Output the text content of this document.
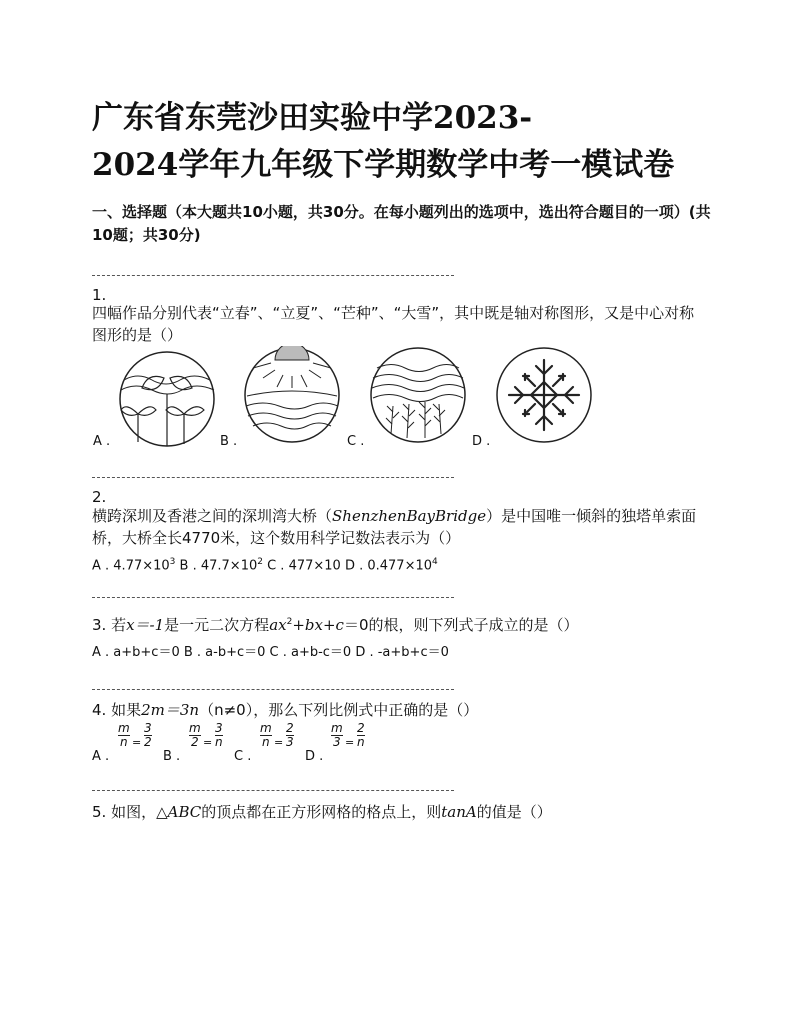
广东省东莞沙田实验中学2023-
2024学年九年级下学期数学中考一模试卷
一、选择题（本大题共10小题，共30分。在每小题列出的选项中，选出符合题目的一项）(共10题；共30分)
1.
四幅作品分别代表“立春”、“立夏”、“芒种”、“大雪”，其中既是轴对称图形，又是中心对称图形的是（）
A .	B .	C .	D .
2.
横跨深圳及香港之间的深圳湾大桥（ShenzhenBayBridge）是中国唯一倾斜的独塔单索面桥，大桥全长4770米，这个数用科学记数法表示为（）
A . $4.77\times 10^3$ B . $47.7\times 10^2$ C . 477×10 D . $0.477\times 10^4$
3. 若x＝-1是一元二次方程$ax^2+bx+c=0$的根，则下列式子成立的是（）
A . a+b+c＝0 B . a-b+c＝0 C . a+b-c＝0 D . -a+b+c＝0
4. 如果2m＝3n（n≠0），那么下列比例式中正确的是（）
A .
$\frac{m}{n} = \frac{3}{2}$
B .
$\frac{m}{2} = \frac{3}{n}$
C .
$\frac{m}{n} = \frac{2}{3}$
D .
$\frac{m}{3} = \frac{2}{n}$
5. 如图，△ABC的顶点都在正方形网格的格点上，则tanA的值是（）
